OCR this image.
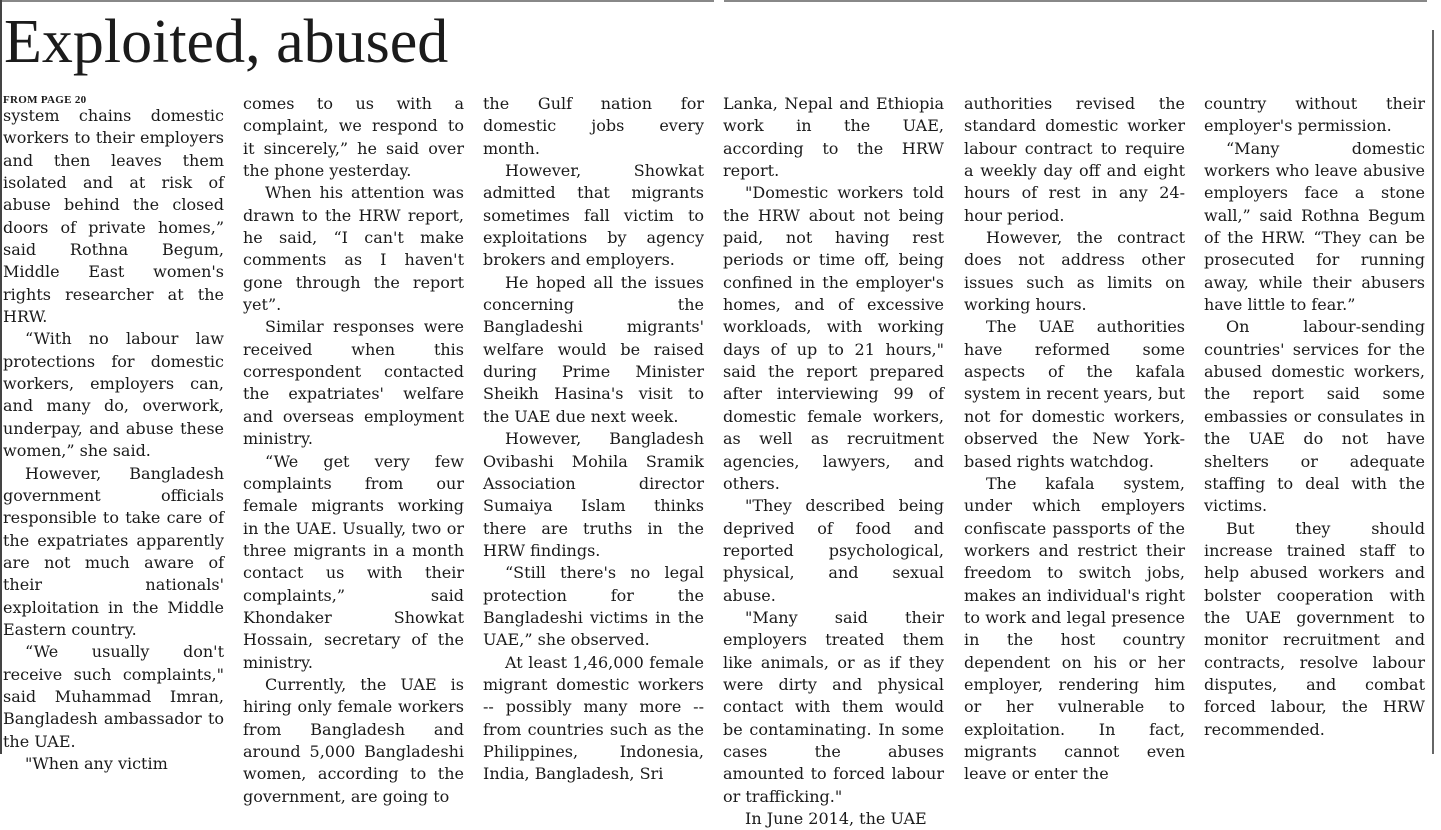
Exploited, abused
FROM PAGE 20

system chains domestic workers to their employers and then leaves them isolated and at risk of abuse behind the closed doors of private homes,” said Rothna Begum, Middle East women's rights researcher at the HRW.

“With no labour law protections for domestic workers, employers can, and many do, overwork, underpay, and abuse these women,” she said.

However, Bangladesh government officials responsible to take care of the expatriates apparently are not much aware of their nationals' exploitation in the Middle Eastern country.

“We usually don't receive such complaints," said Muhammad Imran, Bangladesh ambassador to the UAE.

"When any victim

comes to us with a complaint, we respond to it sincerely,” he said over the phone yesterday.

When his attention was drawn to the HRW report, he said, “I can't make comments as I haven't gone through the report yet”.

Similar responses were received when this correspondent contacted the expatriates' welfare and overseas employment ministry.

“We get very few complaints from our female migrants working in the UAE. Usually, two or three migrants in a month contact us with their complaints,” said Khondaker Showkat Hossain, secretary of the ministry.

Currently, the UAE is hiring only female workers from Bangladesh and around 5,000 Bangladeshi women, according to the government, are going to

the Gulf nation for domestic jobs every month.

However, Showkat admitted that migrants sometimes fall victim to exploitations by agency brokers and employers.

He hoped all the issues concerning the Bangladeshi migrants' welfare would be raised during Prime Minister Sheikh Hasina's visit to the UAE due next week.

However, Bangladesh Ovibashi Mohila Sramik Association director Sumaiya Islam thinks there are truths in the HRW findings.

“Still there's no legal protection for the Bangladeshi victims in the UAE,” she observed.

At least 1,46,000 female migrant domestic workers -- possibly many more -- from countries such as the Philippines, Indonesia, India, Bangladesh, Sri

Lanka, Nepal and Ethiopia work in the UAE, according to the HRW report.

"Domestic workers told the HRW about not being paid, not having rest periods or time off, being confined in the employer's homes, and of excessive workloads, with working days of up to 21 hours," said the report prepared after interviewing 99 of domestic female workers, as well as recruitment agencies, lawyers, and others.

"They described being deprived of food and reported psychological, physical, and sexual abuse.

"Many said their employers treated them like animals, or as if they were dirty and physical contact with them would be contaminating. In some cases the abuses amounted to forced labour or trafficking."

In June 2014, the UAE

authorities revised the standard domestic worker labour contract to require a weekly day off and eight hours of rest in any 24-hour period.

However, the contract does not address other issues such as limits on working hours.

The UAE authorities have reformed some aspects of the kafala system in recent years, but not for domestic workers, observed the New York-based rights watchdog.

The kafala system, under which employers confiscate passports of the workers and restrict their freedom to switch jobs, makes an individual's right to work and legal presence in the host country dependent on his or her employer, rendering him or her vulnerable to exploitation. In fact, migrants cannot even leave or enter the

country without their employer's permission.

“Many domestic workers who leave abusive employers face a stone wall,” said Rothna Begum of the HRW. “They can be prosecuted for running away, while their abusers have little to fear.”

On labour-sending countries' services for the abused domestic workers, the report said some embassies or consulates in the UAE do not have shelters or adequate staffing to deal with the victims.

But they should increase trained staff to help abused workers and bolster cooperation with the UAE government to monitor recruitment and contracts, resolve labour disputes, and combat forced labour, the HRW recommended.
